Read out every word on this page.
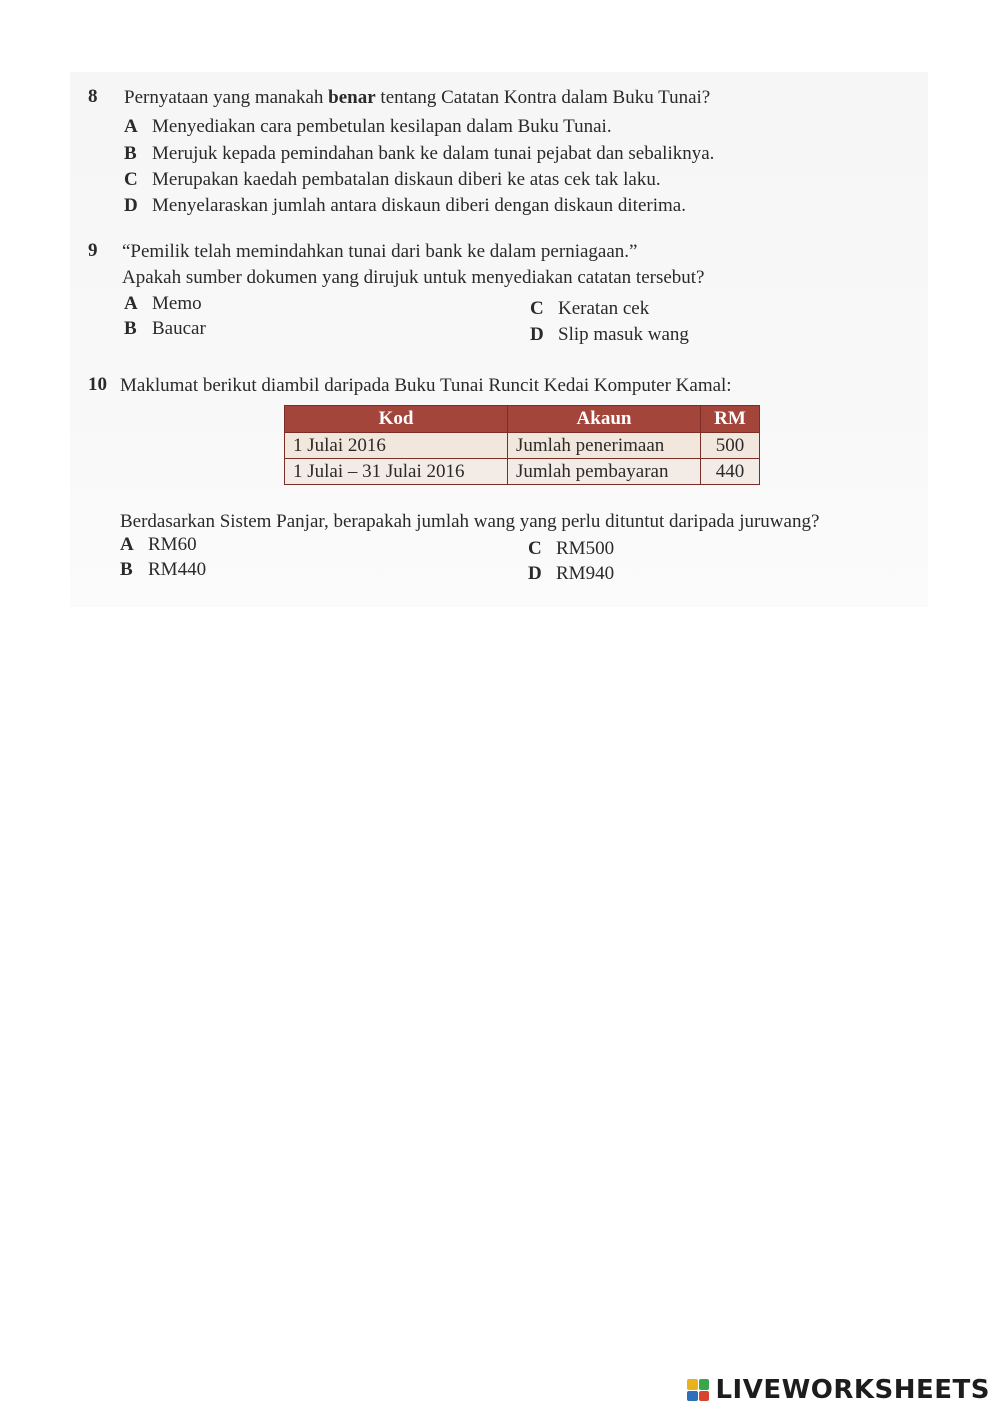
8 Pernyataan yang manakah benar tentang Catatan Kontra dalam Buku Tunai?
A Menyediakan cara pembetulan kesilapan dalam Buku Tunai.
B Merujuk kepada pemindahan bank ke dalam tunai pejabat dan sebaliknya.
C Merupakan kaedah pembatalan diskaun diberi ke atas cek tak laku.
D Menyelaraskan jumlah antara diskaun diberi dengan diskaun diterima.
9 “Pemilik telah memindahkan tunai dari bank ke dalam perniagaan.”
Apakah sumber dokumen yang dirujuk untuk menyediakan catatan tersebut?
A Memo
B Baucar
C Keratan cek
D Slip masuk wang
10 Maklumat berikut diambil daripada Buku Tunai Runcit Kedai Komputer Kamal:
Kod	Akaun	RM
1 Julai 2016	Jumlah penerimaan	500
1 Julai – 31 Julai 2016	Jumlah pembayaran	440
Berdasarkan Sistem Panjar, berapakah jumlah wang yang perlu dituntut daripada juruwang?
A RM60
B RM440
C RM500
D RM940
LIVEWORKSHEETS
